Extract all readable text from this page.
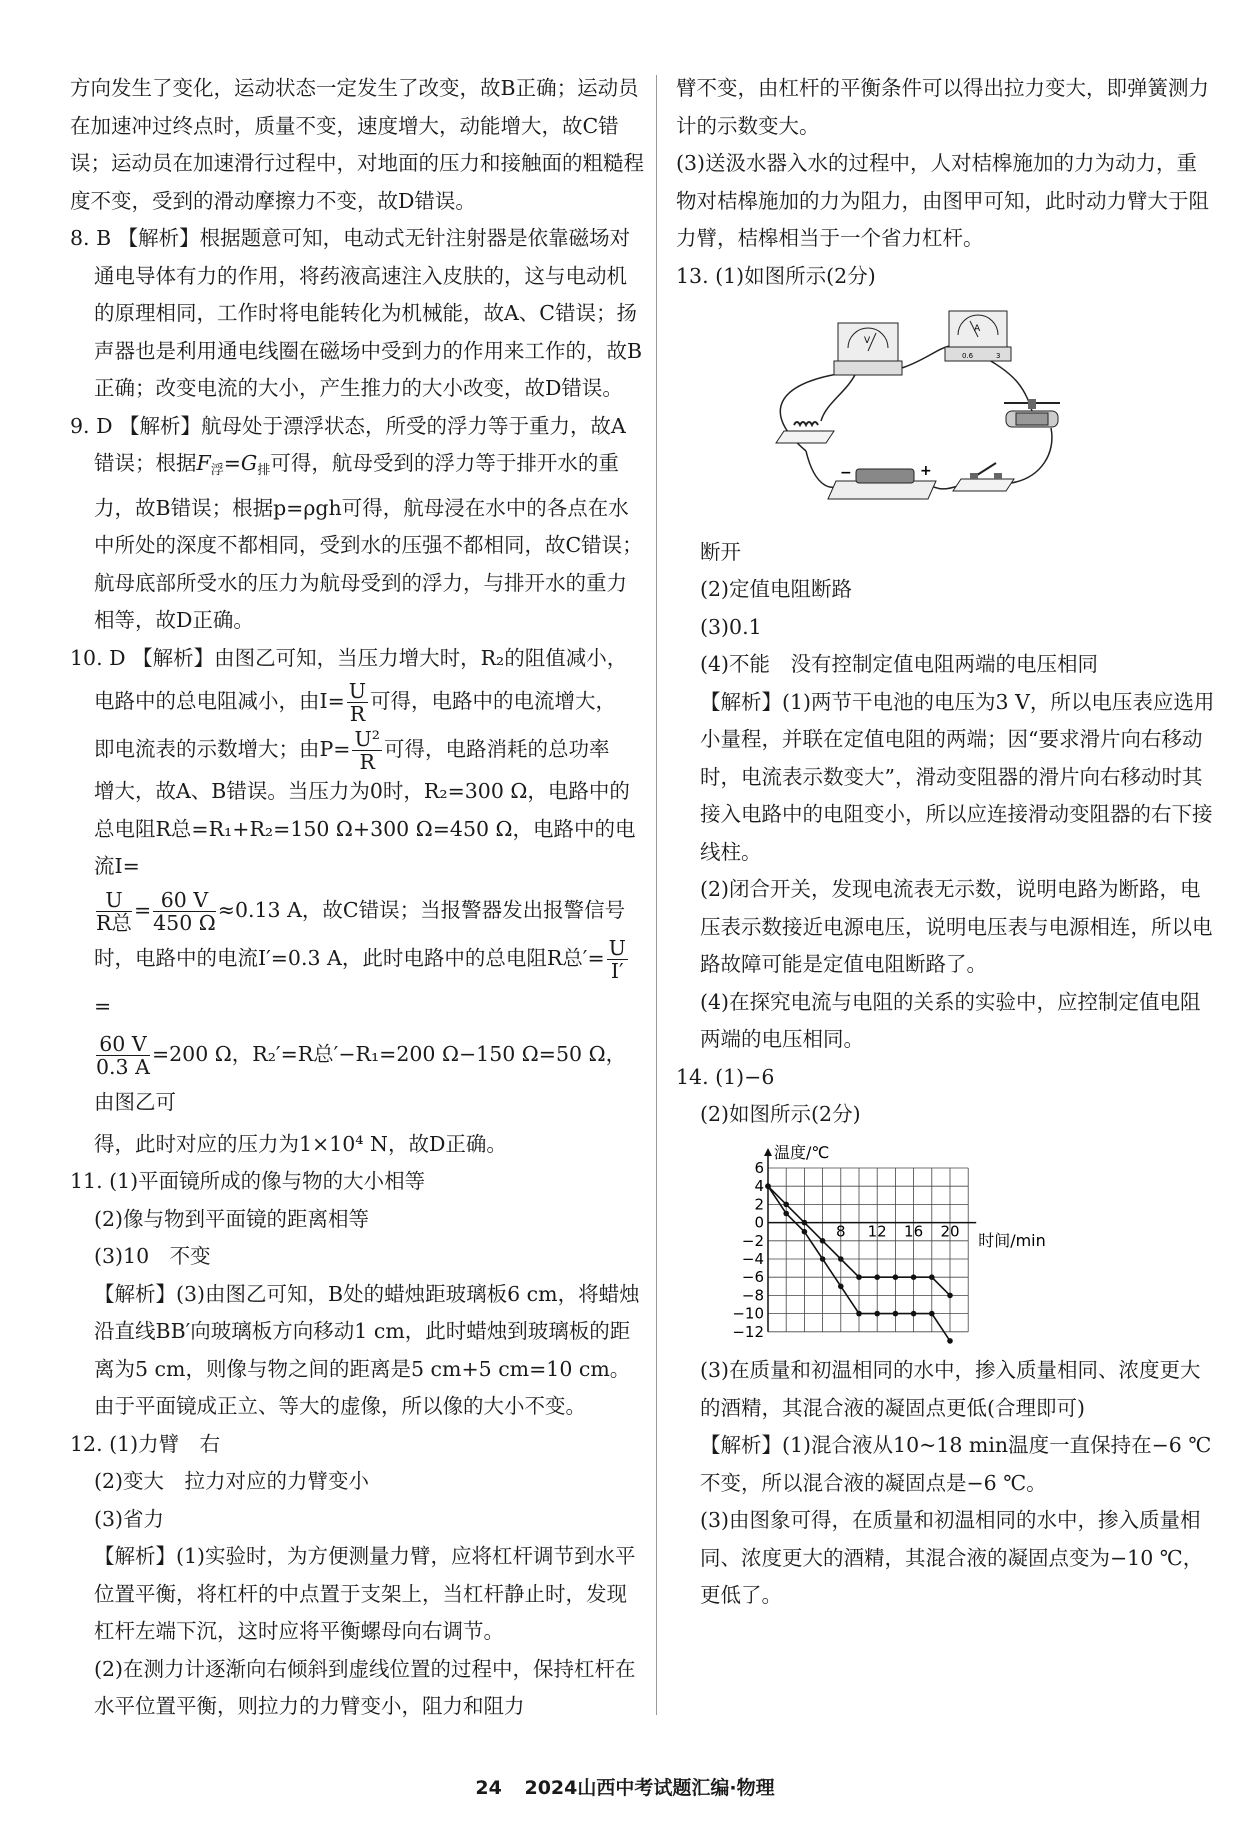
方向发生了变化，运动状态一定发生了改变，故B正确；运动员在加速冲过终点时，质量不变，速度增大，动能增大，故C错误；运动员在加速滑行过程中，对地面的压力和接触面的粗糙程度不变，受到的滑动摩擦力不变，故D错误。

8. B 【解析】根据题意可知，电动式无针注射器是依靠磁场对通电导体有力的作用，将药液高速注入皮肤的，这与电动机的原理相同，工作时将电能转化为机械能，故A、C错误；扬声器也是利用通电线圈在磁场中受到力的作用来工作的，故B正确；改变电流的大小，产生推力的大小改变，故D错误。

9. D 【解析】航母处于漂浮状态，所受的浮力等于重力，故A错误；根据$F_浮=G_排$可得，航母受到的浮力等于排开水的重力，故B错误；根据p=ρgh可得，航母浸在水中的各点在水中所处的深度不都相同，受到水的压强不都相同，故C错误；航母底部所受水的压力为航母受到的浮力，与排开水的重力相等，故D正确。

10. D 【解析】由图乙可知，当压力增大时，R₂的阻值减小，

电路中的总电阻减小，由$I= \frac{U}{R}$ 可得，电路中的电流增大，

即电流表的示数增大；由$P= \frac{\text{U²}}{R}$ 可得，电路消耗的总功率

增大，故A、B错误。当压力为0时，R₂=300 Ω，电路中的

总电阻R总=R₁+R₂=150 Ω+300 Ω=450 Ω，电路中的电流I=

$\frac{U}{\text{R总}} = \frac{60 V}{450 \Omega} \approx 0.13$ A，故C错误；当报警器发出报警信号

时，电路中的电流I′=0.3 A，此时电路中的总电阻R总′= $\frac{U}{I'}$
=

$\frac{60 V}{0.3 A} =200$ Ω，R₂′=R总′−R₁=200 Ω−150 Ω=50 Ω，由图乙可

得，此时对应的压力为1×10⁴ N，故D正确。

11. (1)平面镜所成的像与物的大小相等

(2)像与物到平面镜的距离相等

(3)10　不变

【解析】(3)由图乙可知，B处的蜡烛距玻璃板6 cm，将蜡烛沿直线BB′向玻璃板方向移动1 cm，此时蜡烛到玻璃板的距离为5 cm，则像与物之间的距离是5 cm+5 cm=10 cm。由于平面镜成正立、等大的虚像，所以像的大小不变。

12. (1)力臂　右

(2)变大　拉力对应的力臂变小

(3)省力

【解析】(1)实验时，为方便测量力臂，应将杠杆调节到水平位置平衡，将杠杆的中点置于支架上，当杠杆静止时，发现杠杆左端下沉，这时应将平衡螺母向右调节。

(2)在测力计逐渐向右倾斜到虚线位置的过程中，保持杠杆在水平位置平衡，则拉力的力臂变小，阻力和阻力

臂不变，由杠杆的平衡条件可以得出拉力变大，即弹簧测力计的示数变大。

(3)送汲水器入水的过程中，人对桔槔施加的力为动力，重物对桔槔施加的力为阻力，由图甲可知，此时动力臂大于阻力臂，桔槔相当于一个省力杠杆。

13. (1)如图所示(2分)

V
A
0.6	3
−	+

断开

(2)定值电阻断路

(3)0.1

(4)不能　没有控制定值电阻两端的电压相同

【解析】(1)两节干电池的电压为3 V，所以电压表应选用小量程，并联在定值电阻的两端；因“要求滑片向右移动时，电流表示数变大”，滑动变阻器的滑片向右移动时其接入电路中的电阻变小，所以应连接滑动变阻器的右下接线柱。

(2)闭合开关，发现电流表无示数，说明电路为断路，电压表示数接近电源电压，说明电压表与电源相连，所以电路故障可能是定值电阻断路了。

(4)在探究电流与电阻的关系的实验中，应控制定值电阻两端的电压相同。

14. (1)−6

(2)如图所示(2分)

温度/℃
时间/min
6
4
2
0
−2
−4
−6
−8
−10
−12
8 12 16 20

(3)在质量和初温相同的水中，掺入质量相同、浓度更大的酒精，其混合液的凝固点更低(合理即可)

【解析】(1)混合液从10~18 min温度一直保持在−6 ℃不变，所以混合液的凝固点是−6 ℃。

(3)由图象可得，在质量和初温相同的水中，掺入质量相同、浓度更大的酒精，其混合液的凝固点变为−10 ℃，更低了。

24 2024山西中考试题汇编·物理
